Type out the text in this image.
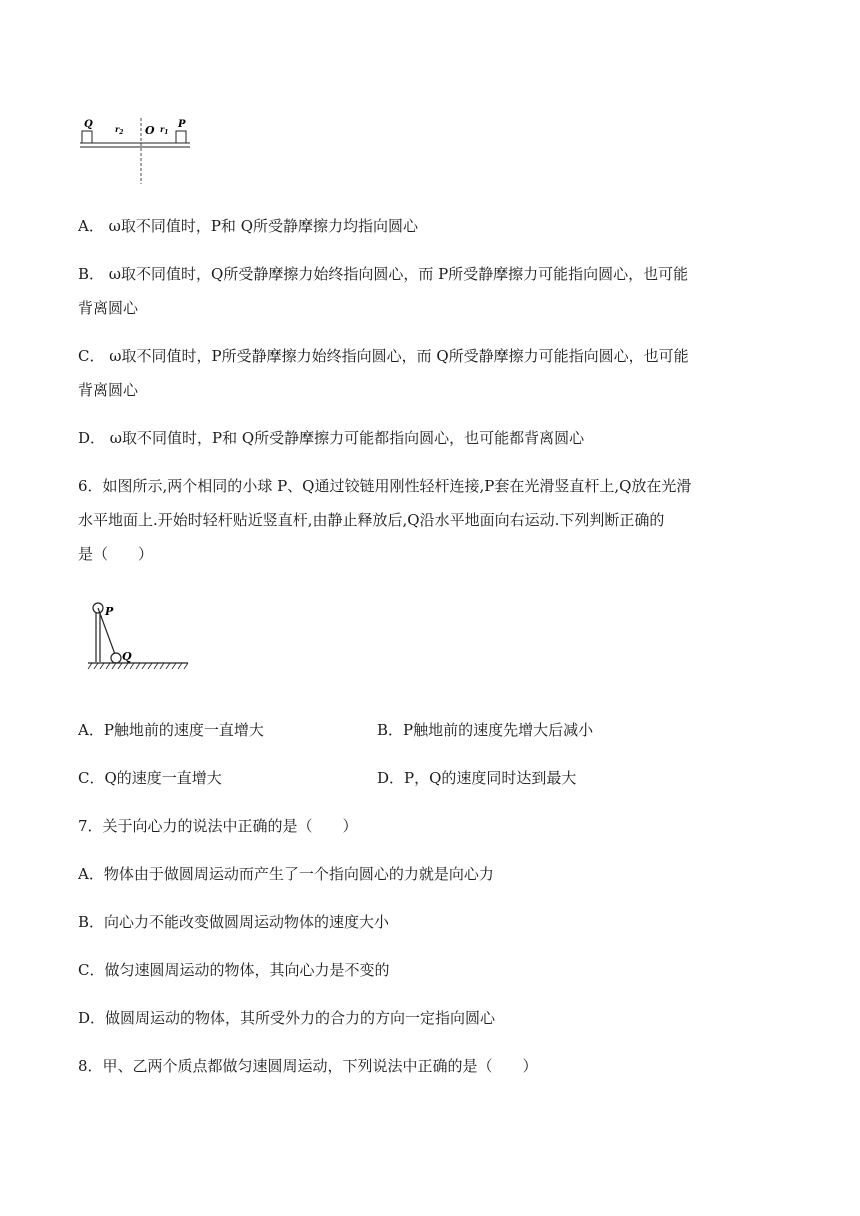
Q	$r_2$ O $r_1$
P
A． ω取不同值时，P和 Q所受静摩擦力均指向圆心
B． ω取不同值时，Q所受静摩擦力始终指向圆心，而 P所受静摩擦力可能指向圆心，也可能
背离圆心
C． ω取不同值时，P所受静摩擦力始终指向圆心，而 Q所受静摩擦力可能指向圆心，也可能
背离圆心
D． ω取不同值时，P和 Q所受静摩擦力可能都指向圆心，也可能都背离圆心
6．如图所示,两个相同的小球 P、Q通过铰链用刚性轻杆连接,P套在光滑竖直杆上,Q放在光滑
水平地面上.开始时轻杆贴近竖直杆,由静止释放后,Q沿水平地面向右运动.下列判断正确的
是（　　）
P
Q
A．P触地前的速度一直增大	B．P触地前的速度先增大后减小
C．Q的速度一直增大	D．P，Q的速度同时达到最大
7．关于向心力的说法中正确的是（　　）
A．物体由于做圆周运动而产生了一个指向圆心的力就是向心力
B．向心力不能改变做圆周运动物体的速度大小
C．做匀速圆周运动的物体，其向心力是不变的
D．做圆周运动的物体，其所受外力的合力的方向一定指向圆心
8．甲、乙两个质点都做匀速圆周运动，下列说法中正确的是（　　）
